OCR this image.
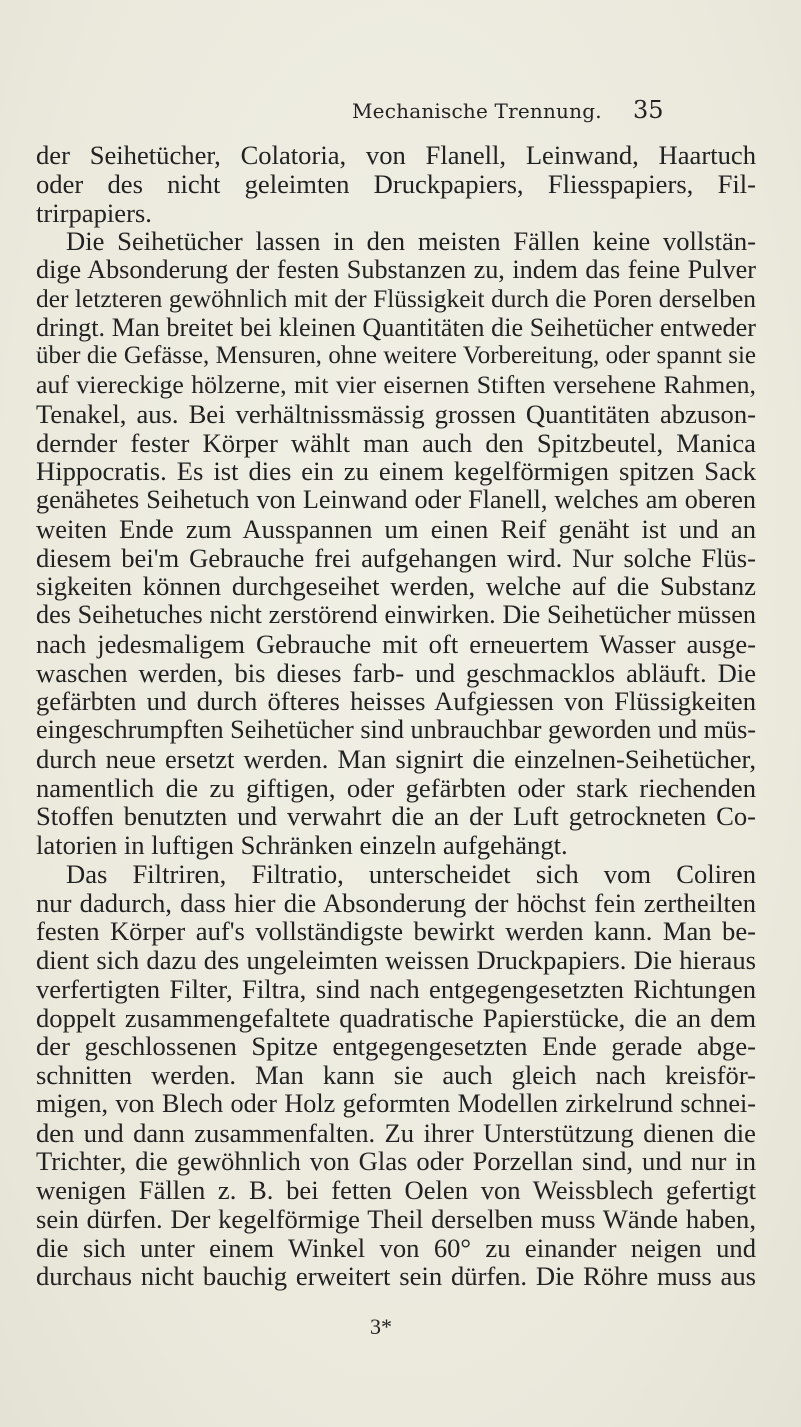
Mechanische Trennung. 35
der Seihetücher, Colatoria, von Flanell, Leinwand, Haartuch
oder des nicht geleimten Druckpapiers, Fliesspapiers, Fil-
trirpapiers.
Die Seihetücher lassen in den meisten Fällen keine vollstän-
dige Absonderung der festen Substanzen zu, indem das feine Pulver
der letzteren gewöhnlich mit der Flüssigkeit durch die Poren derselben
dringt. Man breitet bei kleinen Quantitäten die Seihetücher entweder
über die Gefässe, Mensuren, ohne weitere Vorbereitung, oder spannt sie
auf viereckige hölzerne, mit vier eisernen Stiften versehene Rahmen,
Tenakel, aus. Bei verhältnissmässig grossen Quantitäten abzuson-
dernder fester Körper wählt man auch den Spitzbeutel, Manica
Hippocratis. Es ist dies ein zu einem kegelförmigen spitzen Sack
genähetes Seihetuch von Leinwand oder Flanell, welches am oberen
weiten Ende zum Ausspannen um einen Reif genäht ist und an
diesem bei'm Gebrauche frei aufgehangen wird. Nur solche Flüs-
sigkeiten können durchgeseihet werden, welche auf die Substanz
des Seihetuches nicht zerstörend einwirken. Die Seihetücher müssen
nach jedesmaligem Gebrauche mit oft erneuertem Wasser ausge-
waschen werden, bis dieses farb- und geschmacklos abläuft. Die
gefärbten und durch öfteres heisses Aufgiessen von Flüssigkeiten
eingeschrumpften Seihetücher sind unbrauchbar geworden und müs-
durch neue ersetzt werden. Man signirt die einzelnen-Seihetücher,
namentlich die zu giftigen, oder gefärbten oder stark riechenden
Stoffen benutzten und verwahrt die an der Luft getrockneten Co-
latorien in luftigen Schränken einzeln aufgehängt.
Das Filtriren, Filtratio, unterscheidet sich vom Coliren
nur dadurch, dass hier die Absonderung der höchst fein zertheilten
festen Körper auf's vollständigste bewirkt werden kann. Man be-
dient sich dazu des ungeleimten weissen Druckpapiers. Die hieraus
verfertigten Filter, Filtra, sind nach entgegengesetzten Richtungen
doppelt zusammengefaltete quadratische Papierstücke, die an dem
der geschlossenen Spitze entgegengesetzten Ende gerade abge-
schnitten werden. Man kann sie auch gleich nach kreisför-
migen, von Blech oder Holz geformten Modellen zirkelrund schnei-
den und dann zusammenfalten. Zu ihrer Unterstützung dienen die
Trichter, die gewöhnlich von Glas oder Porzellan sind, und nur in
wenigen Fällen z. B. bei fetten Oelen von Weissblech gefertigt
sein dürfen. Der kegelförmige Theil derselben muss Wände haben,
die sich unter einem Winkel von 60° zu einander neigen und
durchaus nicht bauchig erweitert sein dürfen. Die Röhre muss aus
3*
